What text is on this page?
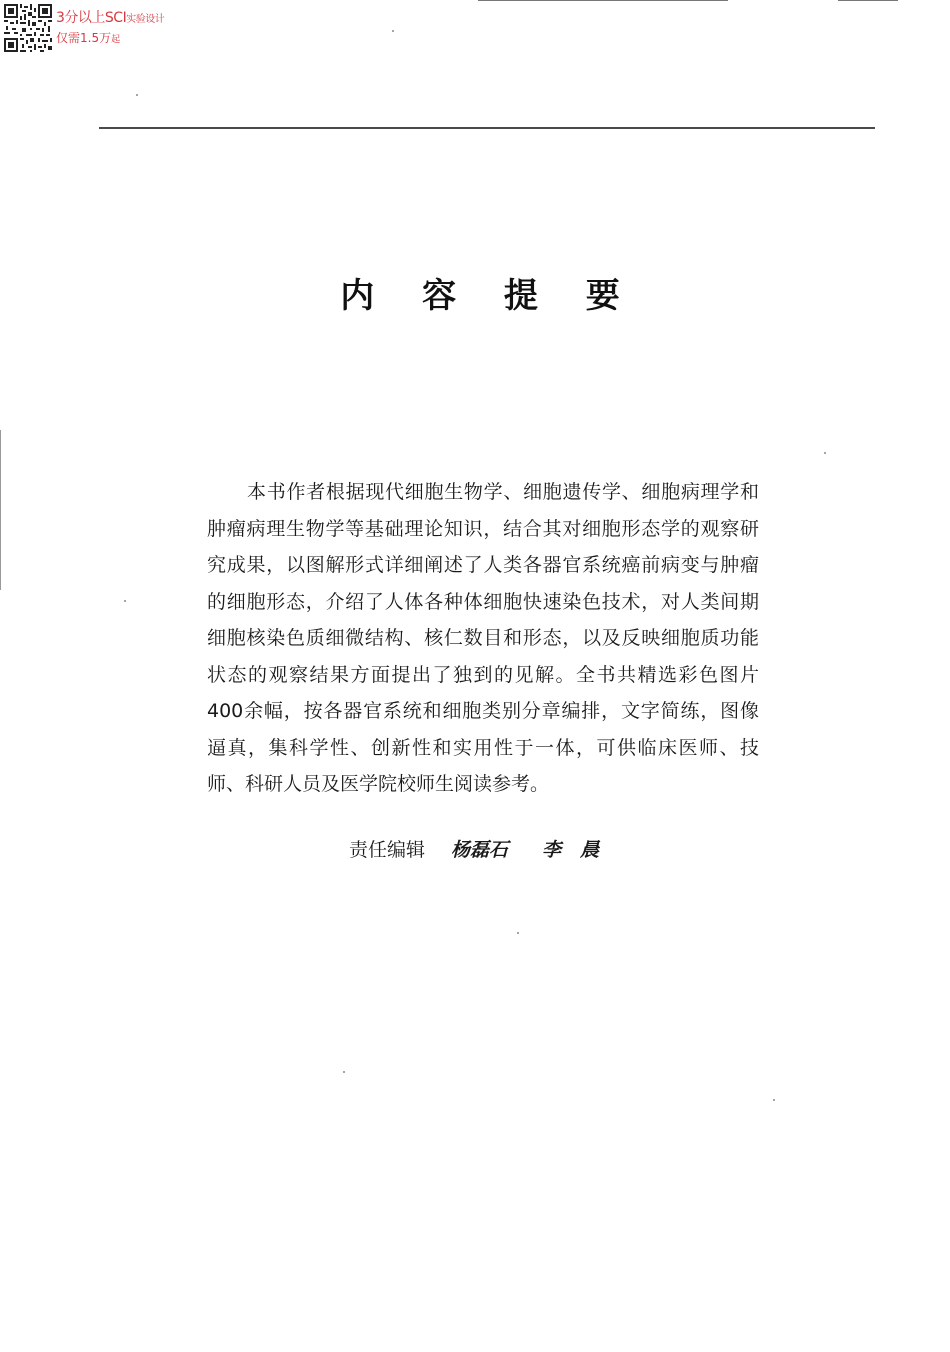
3分以上SCI实验设计
仅需1.5万起
内 容 提 要
本书作者根据现代细胞生物学、细胞遗传学、细胞病理学和
肿瘤病理生物学等基础理论知识，结合其对细胞形态学的观察研
究成果，以图解形式详细阐述了人类各器官系统癌前病变与肿瘤
的细胞形态，介绍了人体各种体细胞快速染色技术，对人类间期
细胞核染色质细微结构、核仁数目和形态，以及反映细胞质功能
状态的观察结果方面提出了独到的见解。全书共精选彩色图片
400余幅，按各器官系统和细胞类别分章编排，文字简练，图像
逼真，集科学性、创新性和实用性于一体，可供临床医师、技
师、科研人员及医学院校师生阅读参考。
责任编辑 杨磊石 李　晨
